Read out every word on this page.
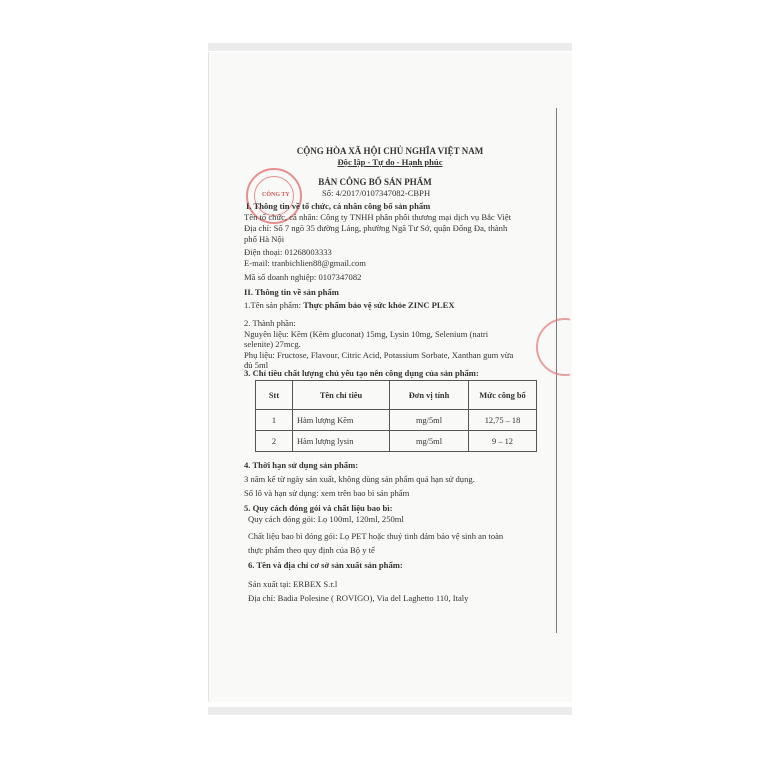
CÔNG TY
CỘNG HÒA XÃ HỘI CHỦ NGHĨA VIỆT NAM
Độc lập - Tự do - Hạnh phúc
BẢN CÔNG BỐ SẢN PHẨM
Số: 4/2017/0107347082-CBPH
I. Thông tin về tổ chức, cá nhân công bố sản phẩm
Tên tổ chức, cá nhân: Công ty TNHH phân phối thương mại dịch vụ Bắc Việt
Địa chỉ: Số 7 ngõ 35 đường Láng, phường Ngã Tư Sở, quận Đống Đa, thành
phố Hà Nội
Điện thoại: 01268003333
E-mail: tranbichlien88@gmail.com
Mã số doanh nghiệp: 0107347082
II. Thông tin về sản phẩm
1.Tên sản phẩm: Thực phẩm bảo vệ sức khỏe ZINC PLEX
2. Thành phần:
Nguyên liệu: Kẽm (Kẽm gluconat) 15mg, Lysin 10mg, Selenium (natri
selenite) 27mcg.
Phụ liệu: Fructose, Flavour, Citric Acid, Potassium Sorbate, Xanthan gum vừa
đủ 5ml
3. Chỉ tiêu chất lượng chủ yếu tạo nên công dụng của sản phẩm:
Stt	Tên chỉ tiêu	Đơn vị tính	Mức công bố
1	Hàm lượng Kẽm	mg/5ml	12,75 – 18
2	Hàm lượng lysin	mg/5ml	9 – 12
4. Thời hạn sử dụng sản phẩm:
3 năm kể từ ngày sản xuất, không dùng sản phẩm quá hạn sử dụng.
Số lô và hạn sử dụng: xem trên bao bì sản phẩm
5. Quy cách đóng gói và chất liệu bao bì:
Quy cách đóng gói: Lọ 100ml, 120ml, 250ml
Chất liệu bao bì đóng gói: Lọ PET hoặc thuỷ tinh đảm bảo vệ sinh an toàn
thực phẩm theo quy định của Bộ y tế
6. Tên và địa chỉ cơ sở sản xuất sản phẩm:
Sản xuất tại: ERBEX S.r.l
Địa chỉ: Badia Polesine ( ROVIGO), Via del Laghetto 110, Italy
